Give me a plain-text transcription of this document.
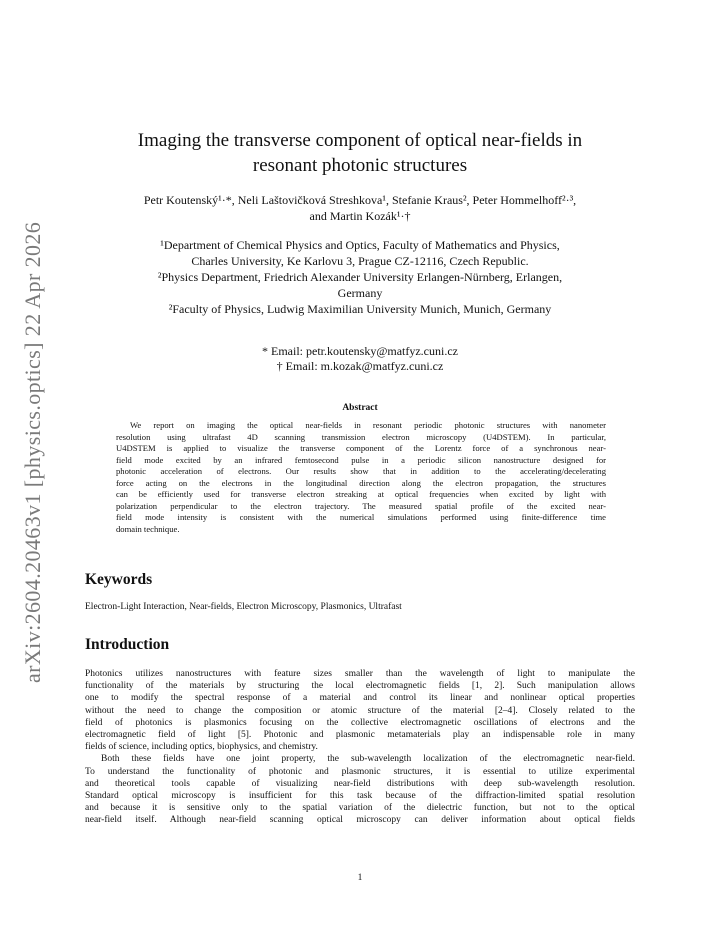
arXiv:2604.20463v1 [physics.optics] 22 Apr 2026
Imaging the transverse component of optical near-fields in
resonant photonic structures
Petr Koutenský¹·*, Neli Laštovičková Streshkova¹, Stefanie Kraus², Peter Hommelhoff²·³,
and Martin Kozák¹·†
¹Department of Chemical Physics and Optics, Faculty of Mathematics and Physics,
Charles University, Ke Karlovu 3, Prague CZ-12116, Czech Republic.
²Physics Department, Friedrich Alexander University Erlangen-Nürnberg, Erlangen,
Germany
²Faculty of Physics, Ludwig Maximilian University Munich, Munich, Germany
* Email: petr.koutensky@matfyz.cuni.cz
† Email: m.kozak@matfyz.cuni.cz
Abstract
We report on imaging the optical near-fields in resonant periodic photonic structures with nanometer
resolution using ultrafast 4D scanning transmission electron microscopy (U4DSTEM). In particular,
U4DSTEM is applied to visualize the transverse component of the Lorentz force of a synchronous near-
field mode excited by an infrared femtosecond pulse in a periodic silicon nanostructure designed for
photonic acceleration of electrons. Our results show that in addition to the accelerating/decelerating
force acting on the electrons in the longitudinal direction along the electron propagation, the structures
can be efficiently used for transverse electron streaking at optical frequencies when excited by light with
polarization perpendicular to the electron trajectory. The measured spatial profile of the excited near-
field mode intensity is consistent with the numerical simulations performed using finite-difference time
domain technique.
Keywords
Electron-Light Interaction, Near-fields, Electron Microscopy, Plasmonics, Ultrafast
Introduction
Photonics utilizes nanostructures with feature sizes smaller than the wavelength of light to manipulate the
functionality of the materials by structuring the local electromagnetic fields [1, 2]. Such manipulation allows
one to modify the spectral response of a material and control its linear and nonlinear optical properties
without the need to change the composition or atomic structure of the material [2–4]. Closely related to the
field of photonics is plasmonics focusing on the collective electromagnetic oscillations of electrons and the
electromagnetic field of light [5]. Photonic and plasmonic metamaterials play an indispensable role in many
fields of science, including optics, biophysics, and chemistry.
Both these fields have one joint property, the sub-wavelength localization of the electromagnetic near-field.
To understand the functionality of photonic and plasmonic structures, it is essential to utilize experimental
and theoretical tools capable of visualizing near-field distributions with deep sub-wavelength resolution.
Standard optical microscopy is insufficient for this task because of the diffraction-limited spatial resolution
and because it is sensitive only to the spatial variation of the dielectric function, but not to the optical
near-field itself. Although near-field scanning optical microscopy can deliver information about optical fields
1
